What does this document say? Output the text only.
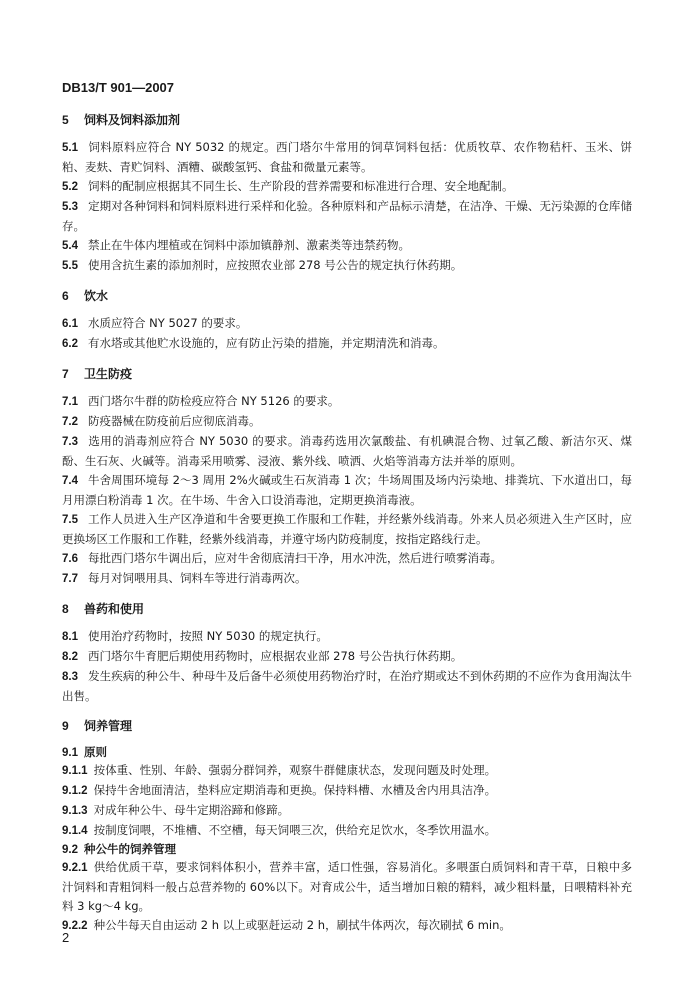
DB13/T 901—2007
5 饲料及饲料添加剂

5.1 饲料原料应符合 NY 5032 的规定。西门塔尔牛常用的饲草饲料包括：优质牧草、农作物秸杆、玉米、饼粕、麦麸、青贮饲料、酒糟、碳酸氢钙、食盐和微量元素等。

5.2 饲料的配制应根据其不同生长、生产阶段的营养需要和标准进行合理、安全地配制。

5.3 定期对各种饲料和饲料原料进行采样和化验。各种原料和产品标示清楚，在洁净、干燥、无污染源的仓库储存。

5.4 禁止在牛体内埋植或在饲料中添加镇静剂、激素类等违禁药物。

5.5 使用含抗生素的添加剂时，应按照农业部 278 号公告的规定执行休药期。

6 饮水

6.1 水质应符合 NY 5027 的要求。

6.2 有水塔或其他贮水设施的，应有防止污染的措施，并定期清洗和消毒。

7 卫生防疫

7.1 西门塔尔牛群的防检疫应符合 NY 5126 的要求。

7.2 防疫器械在防疫前后应彻底消毒。

7.3 选用的消毒剂应符合 NY 5030 的要求。消毒药选用次氯酸盐、有机碘混合物、过氧乙酸、新洁尔灭、煤酚、生石灰、火碱等。消毒采用喷雾、浸液、紫外线、喷洒、火焰等消毒方法并举的原则。

7.4 牛舍周围环境每 2～3 周用 2%火碱或生石灰消毒 1 次；牛场周围及场内污染地、排粪坑、下水道出口，每月用漂白粉消毒 1 次。在牛场、牛舍入口设消毒池，定期更换消毒液。

7.5 工作人员进入生产区净道和牛舍要更换工作服和工作鞋，并经紫外线消毒。外来人员必须进入生产区时，应更换场区工作服和工作鞋，经紫外线消毒，并遵守场内防疫制度，按指定路线行走。

7.6 每批西门塔尔牛调出后，应对牛舍彻底清扫干净，用水冲洗，然后进行喷雾消毒。

7.7 每月对饲喂用具、饲料车等进行消毒两次。

8 兽药和使用

8.1 使用治疗药物时，按照 NY 5030 的规定执行。

8.2 西门塔尔牛育肥后期使用药物时，应根据农业部 278 号公告执行休药期。

8.3 发生疾病的种公牛、种母牛及后备牛必须使用药物治疗时，在治疗期或达不到休药期的不应作为食用淘汰牛出售。

9 饲养管理
9.1 原则

9.1.1 按体重、性别、年龄、强弱分群饲养，观察牛群健康状态，发现问题及时处理。

9.1.2 保持牛舍地面清洁，垫料应定期消毒和更换。保持料槽、水槽及舍内用具洁净。

9.1.3 对成年种公牛、母牛定期浴蹄和修蹄。

9.1.4 按制度饲喂，不堆槽、不空槽，每天饲喂三次，供给充足饮水，冬季饮用温水。

9.2 种公牛的饲养管理

9.2.1 供给优质干草，要求饲料体积小，营养丰富，适口性强，容易消化。多喂蛋白质饲料和青干草，日粮中多汁饲料和青粗饲料一般占总营养物的 60%以下。对育成公牛，适当增加日粮的精料，减少粗料量，日喂精料补充料 3 kg～4 kg。

9.2.2 种公牛每天自由运动 2 h 以上或驱赶运动 2 h，刷拭牛体两次，每次刷拭 6 min。

2
